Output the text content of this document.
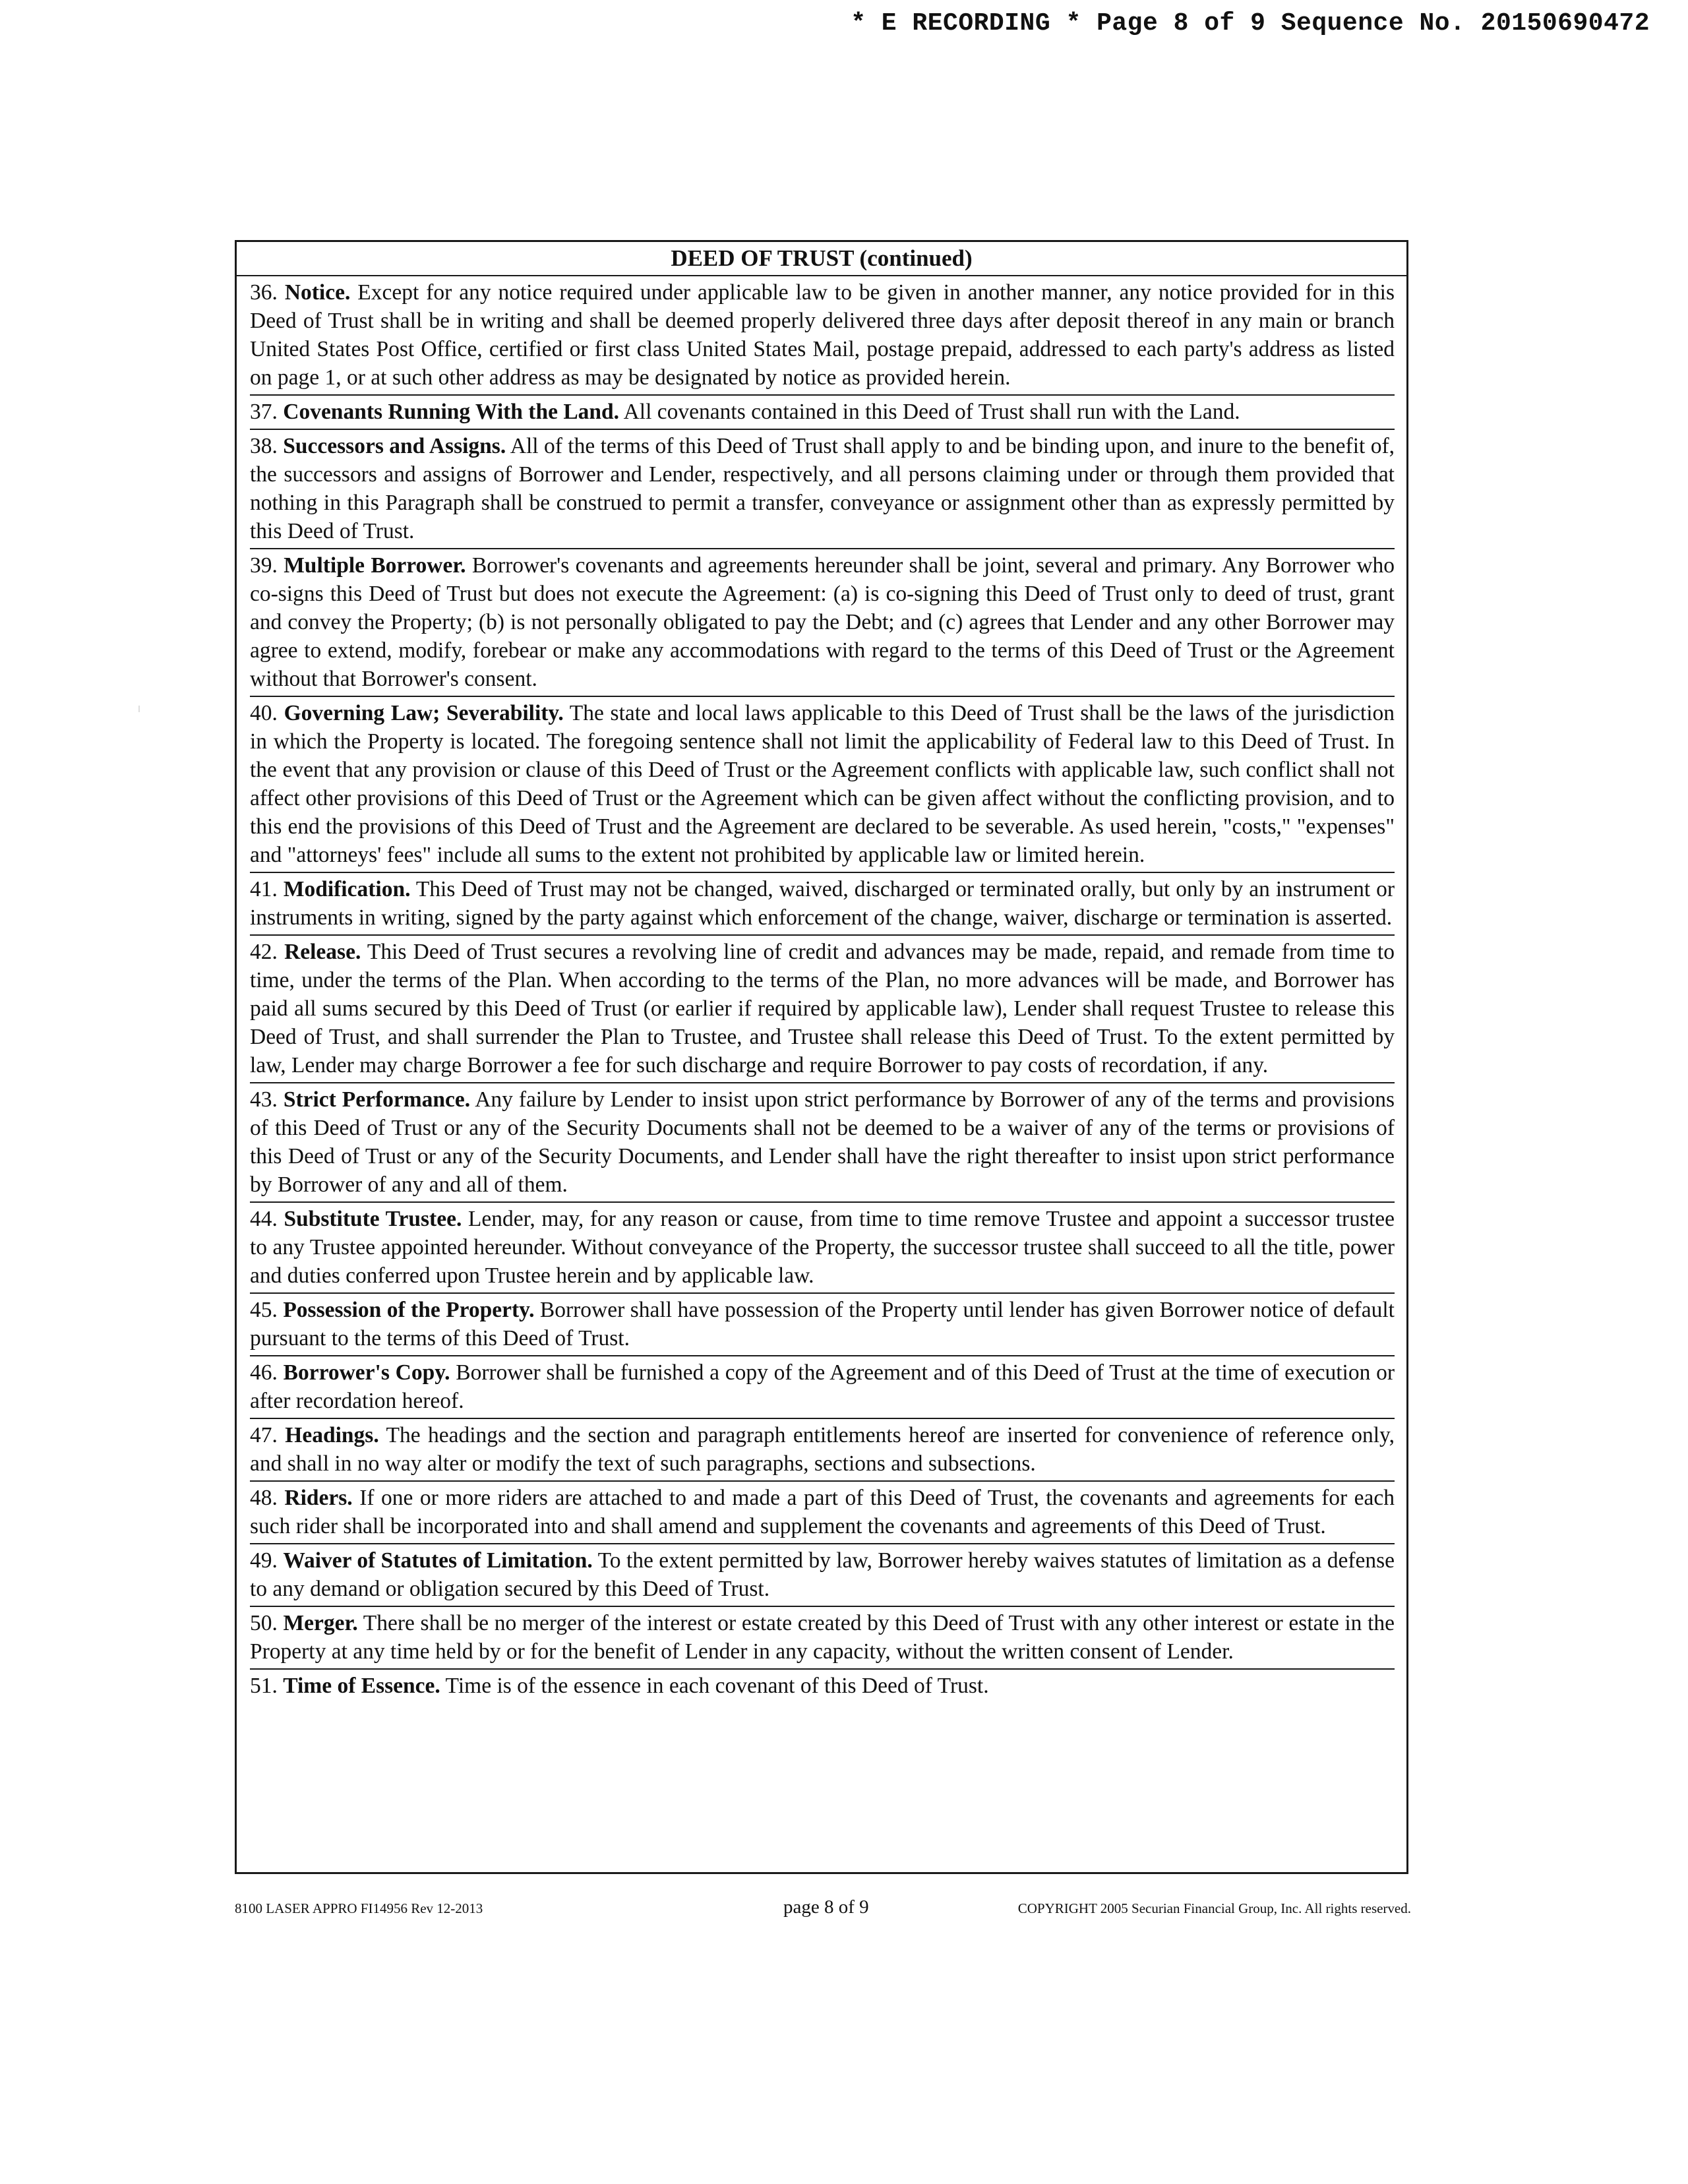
* E RECORDING * Page 8 of 9 Sequence No. 20150690472
DEED OF TRUST (continued)
36. Notice. Except for any notice required under applicable law to be given in another manner, any notice provided for in this Deed of Trust shall be in writing and shall be deemed properly delivered three days after deposit thereof in any main or branch United States Post Office, certified or first class United States Mail, postage prepaid, addressed to each party's address as listed on page 1, or at such other address as may be designated by notice as provided herein.
37. Covenants Running With the Land. All covenants contained in this Deed of Trust shall run with the Land.
38. Successors and Assigns. All of the terms of this Deed of Trust shall apply to and be binding upon, and inure to the benefit of, the successors and assigns of Borrower and Lender, respectively, and all persons claiming under or through them provided that nothing in this Paragraph shall be construed to permit a transfer, conveyance or assignment other than as expressly permitted by this Deed of Trust.
39. Multiple Borrower. Borrower's covenants and agreements hereunder shall be joint, several and primary. Any Borrower who co-signs this Deed of Trust but does not execute the Agreement: (a) is co-signing this Deed of Trust only to deed of trust, grant and convey the Property; (b) is not personally obligated to pay the Debt; and (c) agrees that Lender and any other Borrower may agree to extend, modify, forebear or make any accommodations with regard to the terms of this Deed of Trust or the Agreement without that Borrower's consent.
40. Governing Law; Severability. The state and local laws applicable to this Deed of Trust shall be the laws of the jurisdiction in which the Property is located. The foregoing sentence shall not limit the applicability of Federal law to this Deed of Trust. In the event that any provision or clause of this Deed of Trust or the Agreement conflicts with applicable law, such conflict shall not affect other provisions of this Deed of Trust or the Agreement which can be given affect without the conflicting provision, and to this end the provisions of this Deed of Trust and the Agreement are declared to be severable. As used herein, "costs," "expenses" and "attorneys' fees" include all sums to the extent not prohibited by applicable law or limited herein.
41. Modification. This Deed of Trust may not be changed, waived, discharged or terminated orally, but only by an instrument or instruments in writing, signed by the party against which enforcement of the change, waiver, discharge or termination is asserted.
42. Release. This Deed of Trust secures a revolving line of credit and advances may be made, repaid, and remade from time to time, under the terms of the Plan. When according to the terms of the Plan, no more advances will be made, and Borrower has paid all sums secured by this Deed of Trust (or earlier if required by applicable law), Lender shall request Trustee to release this Deed of Trust, and shall surrender the Plan to Trustee, and Trustee shall release this Deed of Trust. To the extent permitted by law, Lender may charge Borrower a fee for such discharge and require Borrower to pay costs of recordation, if any.
43. Strict Performance. Any failure by Lender to insist upon strict performance by Borrower of any of the terms and provisions of this Deed of Trust or any of the Security Documents shall not be deemed to be a waiver of any of the terms or provisions of this Deed of Trust or any of the Security Documents, and Lender shall have the right thereafter to insist upon strict performance by Borrower of any and all of them.
44. Substitute Trustee. Lender, may, for any reason or cause, from time to time remove Trustee and appoint a successor trustee to any Trustee appointed hereunder. Without conveyance of the Property, the successor trustee shall succeed to all the title, power and duties conferred upon Trustee herein and by applicable law.
45. Possession of the Property. Borrower shall have possession of the Property until lender has given Borrower notice of default pursuant to the terms of this Deed of Trust.
46. Borrower's Copy. Borrower shall be furnished a copy of the Agreement and of this Deed of Trust at the time of execution or after recordation hereof.
47. Headings. The headings and the section and paragraph entitlements hereof are inserted for convenience of reference only, and shall in no way alter or modify the text of such paragraphs, sections and subsections.
48. Riders. If one or more riders are attached to and made a part of this Deed of Trust, the covenants and agreements for each such rider shall be incorporated into and shall amend and supplement the covenants and agreements of this Deed of Trust.
49. Waiver of Statutes of Limitation. To the extent permitted by law, Borrower hereby waives statutes of limitation as a defense to any demand or obligation secured by this Deed of Trust.
50. Merger. There shall be no merger of the interest or estate created by this Deed of Trust with any other interest or estate in the Property at any time held by or for the benefit of Lender in any capacity, without the written consent of Lender.
51. Time of Essence. Time is of the essence in each covenant of this Deed of Trust.
8100 LASER APPRO FI14956 Rev 12-2013	page 8 of 9	COPYRIGHT 2005 Securian Financial Group, Inc. All rights reserved.
